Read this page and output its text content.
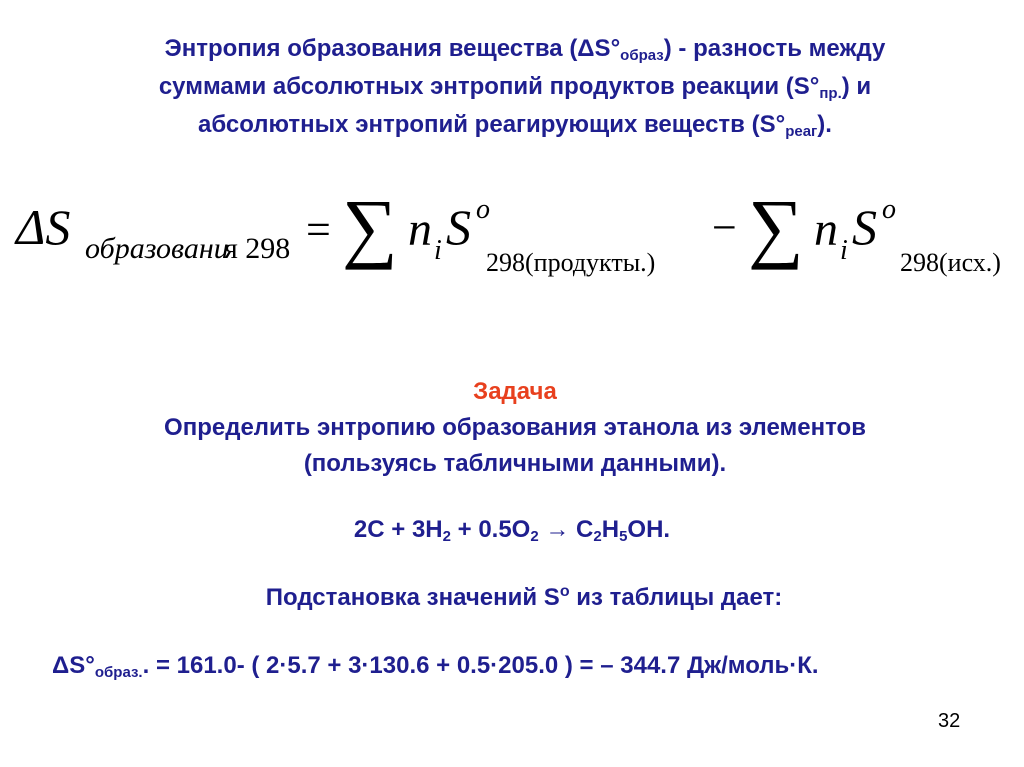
Энтропия образования вещества $(\Delta S^\circ_{образ})$ - разность между
суммами абсолютных энтропий продуктов реакции $(S^\circ_{пр.})$ и
абсолютных энтропий реагирующих веществ $(S^\circ_{реаг})$.
ΔS образовани
я 298 = ∑ n i S o
298(продукты.)
− ∑ n i S o
298(исх.)
Задача
Определить энтропию образования этанола из элементов
(пользуясь табличными данными).
$2C + 3H_2 + 0.5O_2 \to C_2H_5OH$.
Подстановка значений $S^o$ из таблицы дает:
$\Delta S^\circ_{образ.}$. = 161.0- ( 2·5.7 + 3·130.6 + 0.5·205.0 ) = – 344.7 Дж/моль·К.
32
